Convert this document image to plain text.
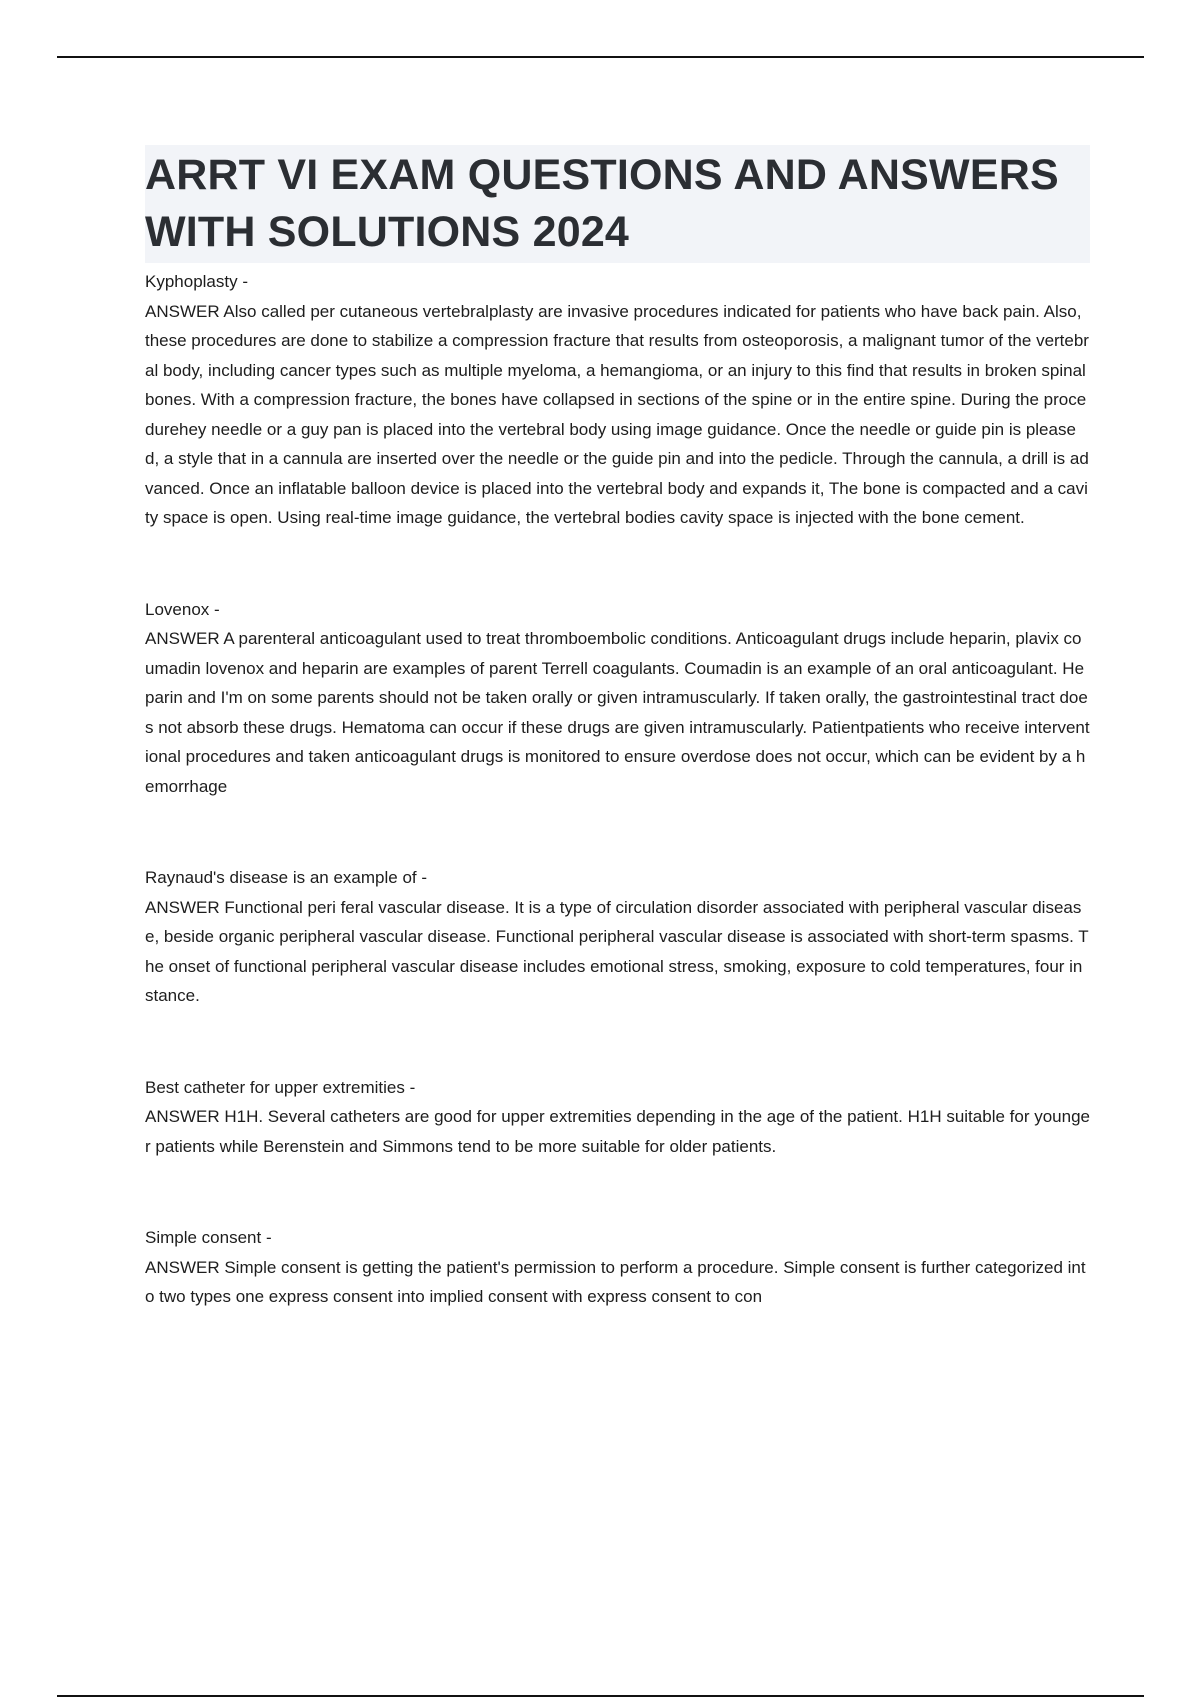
ARRT VI EXAM QUESTIONS AND ANSWERS WITH SOLUTIONS 2024

Kyphoplasty -

ANSWER Also called per cutaneous vertebralplasty are invasive procedures indicated for patients who have back pain. Also, these procedures are done to stabilize a compression fracture that results from osteoporosis, a malignant tumor of the vertebral body, including cancer types such as multiple myeloma, a hemangioma, or an injury to this find that results in broken spinal bones. With a compression fracture, the bones have collapsed in sections of the spine or in the entire spine. During the procedurehey needle or a guy pan is placed into the vertebral body using image guidance. Once the needle or guide pin is pleased, a style that in a cannula are inserted over the needle or the guide pin and into the pedicle. Through the cannula, a drill is advanced. Once an inflatable balloon device is placed into the vertebral body and expands it, The bone is compacted and a cavity space is open. Using real-time image guidance, the vertebral bodies cavity space is injected with the bone cement.

Lovenox -

ANSWER A parenteral anticoagulant used to treat thromboembolic conditions. Anticoagulant drugs include heparin, plavix coumadin lovenox and heparin are examples of parent Terrell coagulants. Coumadin is an example of an oral anticoagulant. Heparin and I'm on some parents should not be taken orally or given intramuscularly. If taken orally, the gastrointestinal tract does not absorb these drugs. Hematoma can occur if these drugs are given intramuscularly. Patientpatients who receive interventional procedures and taken anticoagulant drugs is monitored to ensure overdose does not occur, which can be evident by a hemorrhage

Raynaud's disease is an example of -

ANSWER Functional peri feral vascular disease. It is a type of circulation disorder associated with peripheral vascular disease, beside organic peripheral vascular disease. Functional peripheral vascular disease is associated with short-term spasms. The onset of functional peripheral vascular disease includes emotional stress, smoking, exposure to cold temperatures, four instance.

Best catheter for upper extremities -

ANSWER H1H. Several catheters are good for upper extremities depending in the age of the patient. H1H suitable for younger patients while Berenstein and Simmons tend to be more suitable for older patients.

Simple consent -

ANSWER Simple consent is getting the patient's permission to perform a procedure. Simple consent is further categorized into two types one express consent into implied consent with express consent to con
